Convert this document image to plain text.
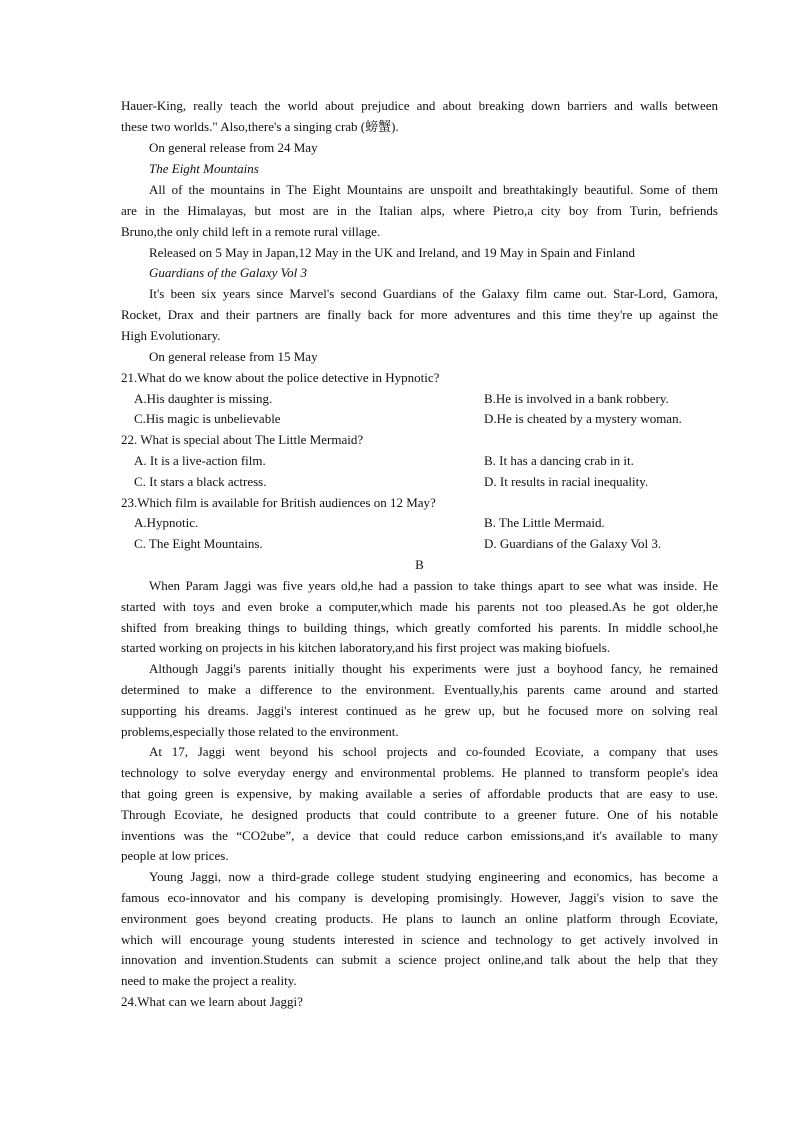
Hauer-King, really teach the world about prejudice and about breaking down barriers and walls between
these two worlds." Also,there's a singing crab (螃蟹).
On general release from 24 May
The Eight Mountains
All of the mountains in The Eight Mountains are unspoilt and breathtakingly beautiful. Some of them
are in the Himalayas, but most are in the Italian alps, where Pietro,a city boy from Turin, befriends
Bruno,the only child left in a remote rural village.
Released on 5 May in Japan,12 May in the UK and Ireland, and 19 May in Spain and Finland
Guardians of the Galaxy Vol 3
It's been six years since Marvel's second Guardians of the Galaxy film came out. Star-Lord, Gamora,
Rocket, Drax and their partners are finally back for more adventures and this time they're up against the
High Evolutionary.
On general release from 15 May
21.What do we know about the police detective in Hypnotic?
A.His daughter is missing.	B.He is involved in a bank robbery.
C.His magic is unbelievable	D.He is cheated by a mystery woman.
22. What is special about The Little Mermaid?
A. It is a live-action film.	B. It has a dancing crab in it.
C. It stars a black actress.	D. It results in racial inequality.
23.Which film is available for British audiences on 12 May?
A.Hypnotic.	B. The Little Mermaid.
C. The Eight Mountains.	D. Guardians of the Galaxy Vol 3.
B
When Param Jaggi was five years old,he had a passion to take things apart to see what was inside. He
started with toys and even broke a computer,which made his parents not too pleased.As he got older,he
shifted from breaking things to building things, which greatly comforted his parents. In middle school,he
started working on projects in his kitchen laboratory,and his first project was making biofuels.
Although Jaggi's parents initially thought his experiments were just a boyhood fancy, he remained
determined to make a difference to the environment. Eventually,his parents came around and started
supporting his dreams. Jaggi's interest continued as he grew up, but he focused more on solving real
problems,especially those related to the environment.
At 17, Jaggi went beyond his school projects and co-founded Ecoviate, a company that uses
technology to solve everyday energy and environmental problems. He planned to transform people's idea
that going green is expensive, by making available a series of affordable products that are easy to use.
Through Ecoviate, he designed products that could contribute to a greener future. One of his notable
inventions was the “CO2ube”, a device that could reduce carbon emissions,and it's available to many
people at low prices.
Young Jaggi, now a third-grade college student studying engineering and economics, has become a
famous eco-innovator and his company is developing promisingly. However, Jaggi's vision to save the
environment goes beyond creating products. He plans to launch an online platform through Ecoviate,
which will encourage young students interested in science and technology to get actively involved in
innovation and invention.Students can submit a science project online,and talk about the help that they
need to make the project a reality.
24.What can we learn about Jaggi?
